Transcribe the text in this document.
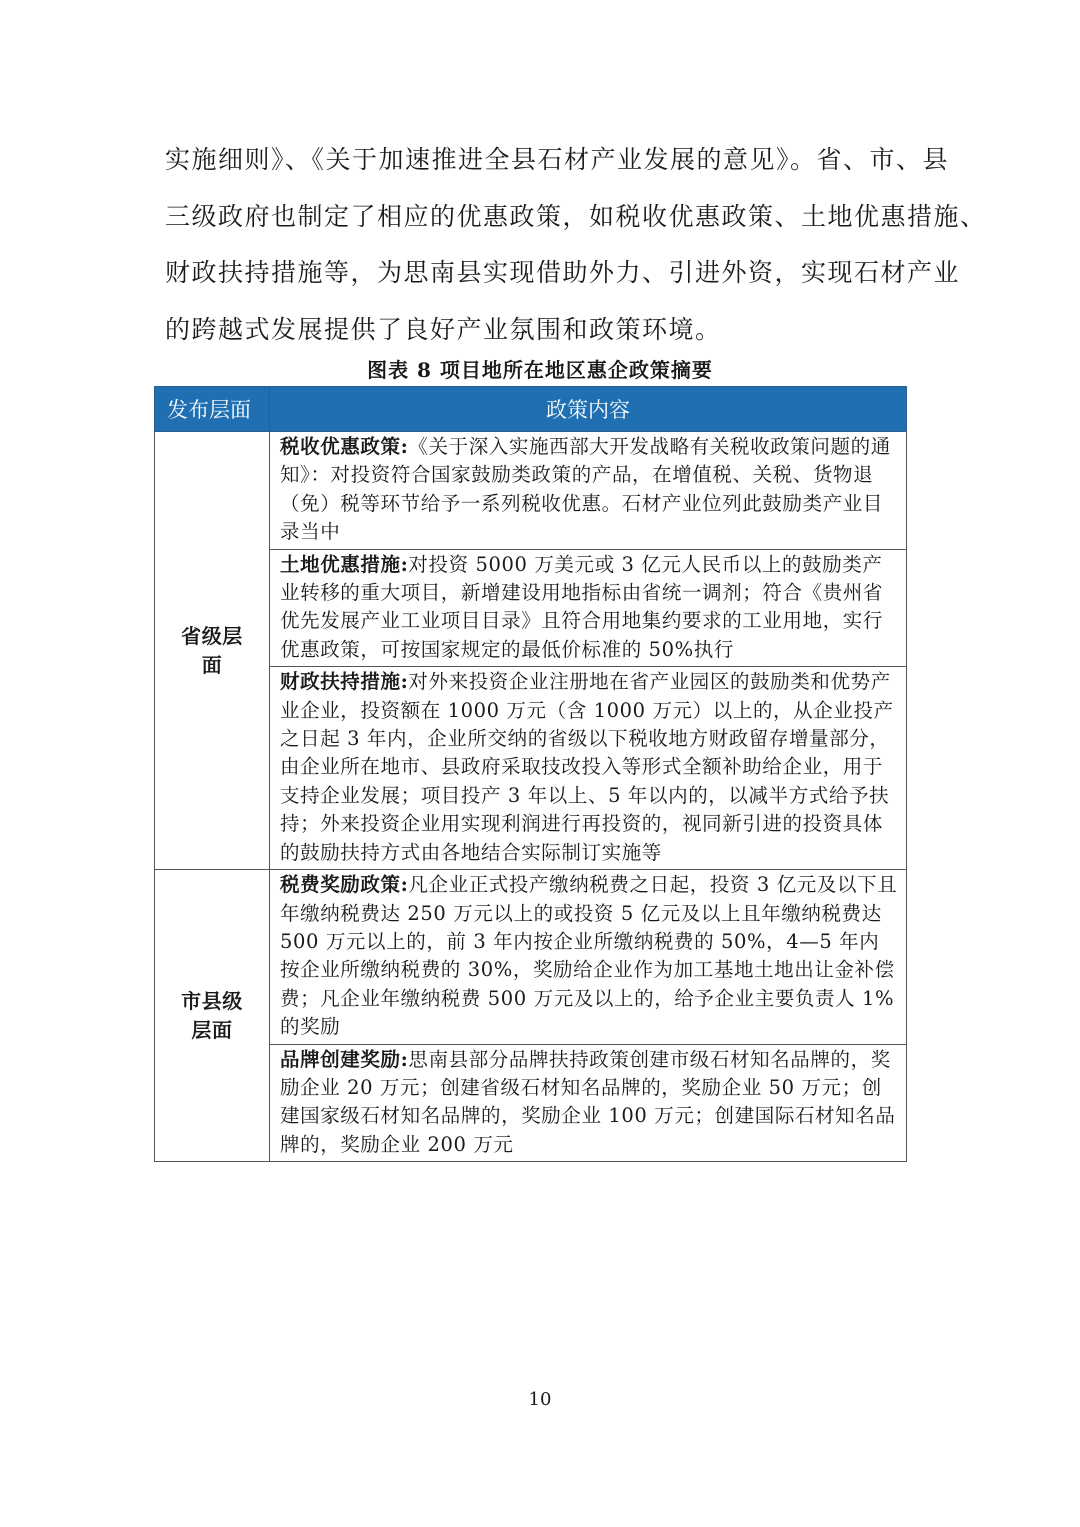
实施细则》、《关于加速推进全县石材产业发展的意见》。省、市、县
三级政府也制定了相应的优惠政策，如税收优惠政策、土地优惠措施、
财政扶持措施等，为思南县实现借助外力、引进外资，实现石材产业
的跨越式发展提供了良好产业氛围和政策环境。
图表 8 项目地所在地区惠企政策摘要
发布层面	政策内容
省级层面	税收优惠政策:《关于深入实施西部大开发战略有关税收政策问题的通知》：对投资符合国家鼓励类政策的产品，在增值税、关税、货物退（免）税等环节给予一系列税收优惠。石材产业位列此鼓励类产业目录当中
	土地优惠措施:对投资 5000 万美元或 3 亿元人民币以上的鼓励类产业转移的重大项目，新增建设用地指标由省统一调剂；符合《贵州省优先发展产业工业项目目录》且符合用地集约要求的工业用地，实行优惠政策，可按国家规定的最低价标准的 50%执行
	财政扶持措施:对外来投资企业注册地在省产业园区的鼓励类和优势产业企业，投资额在 1000 万元（含 1000 万元）以上的，从企业投产之日起 3 年内，企业所交纳的省级以下税收地方财政留存增量部分，由企业所在地市、县政府采取技改投入等形式全额补助给企业，用于支持企业发展；项目投产 3 年以上、5 年以内的，以减半方式给予扶持；外来投资企业用实现利润进行再投资的，视同新引进的投资具体的鼓励扶持方式由各地结合实际制订实施等
市县级层面	税费奖励政策:凡企业正式投产缴纳税费之日起，投资 3 亿元及以下且年缴纳税费达 250 万元以上的或投资 5 亿元及以上且年缴纳税费达 500 万元以上的，前 3 年内按企业所缴纳税费的 50%，4—5 年内按企业所缴纳税费的 30%，奖励给企业作为加工基地土地出让金补偿费；凡企业年缴纳税费 500 万元及以上的，给予企业主要负责人 1%的奖励
	品牌创建奖励:思南县部分品牌扶持政策创建市级石材知名品牌的，奖励企业 20 万元；创建省级石材知名品牌的，奖励企业 50 万元；创建国家级石材知名品牌的，奖励企业 100 万元；创建国际石材知名品牌的，奖励企业 200 万元
10
